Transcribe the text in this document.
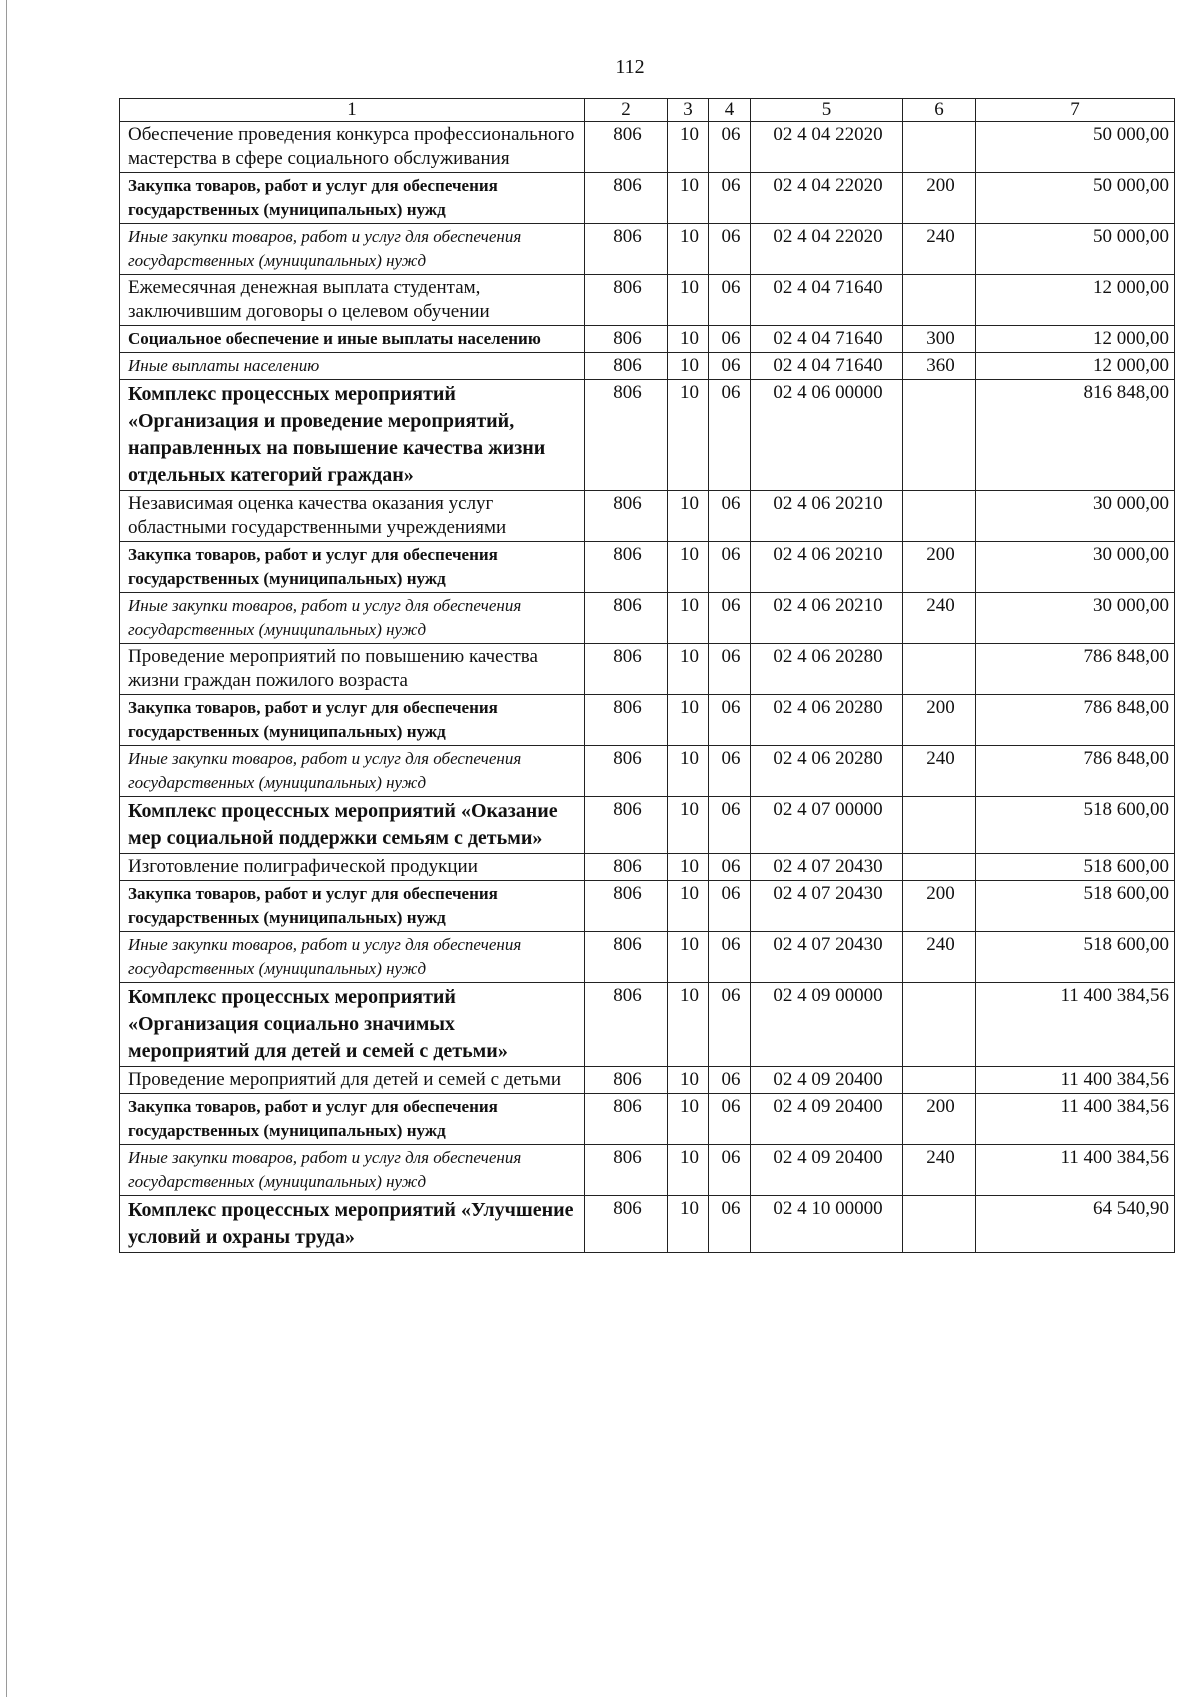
112
1	2	3	4	5	6	7
Обеспечение проведения конкурса профессионального мастерства в сфере социального обслуживания	806	10	06	02 4 04 22020		50 000,00
Закупка товаров, работ и услуг для обеспечения государственных (муниципальных) нужд	806	10	06	02 4 04 22020	200	50 000,00
Иные закупки товаров, работ и услуг для обеспечения государственных (муниципальных) нужд	806	10	06	02 4 04 22020	240	50 000,00
Ежемесячная денежная выплата студентам, заключившим договоры о целевом обучении	806	10	06	02 4 04 71640		12 000,00
Социальное обеспечение и иные выплаты населению	806	10	06	02 4 04 71640	300	12 000,00
Иные выплаты населению	806	10	06	02 4 04 71640	360	12 000,00
Комплекс процессных мероприятий «Организация и проведение мероприятий, направленных на повышение качества жизни отдельных категорий граждан»	806	10	06	02 4 06 00000		816 848,00
Независимая оценка качества оказания услуг областными государственными учреждениями	806	10	06	02 4 06 20210		30 000,00
Закупка товаров, работ и услуг для обеспечения государственных (муниципальных) нужд	806	10	06	02 4 06 20210	200	30 000,00
Иные закупки товаров, работ и услуг для обеспечения государственных (муниципальных) нужд	806	10	06	02 4 06 20210	240	30 000,00
Проведение мероприятий по повышению качества жизни граждан пожилого возраста	806	10	06	02 4 06 20280		786 848,00
Закупка товаров, работ и услуг для обеспечения государственных (муниципальных) нужд	806	10	06	02 4 06 20280	200	786 848,00
Иные закупки товаров, работ и услуг для обеспечения государственных (муниципальных) нужд	806	10	06	02 4 06 20280	240	786 848,00
Комплекс процессных мероприятий «Оказание мер социальной поддержки семьям с детьми»	806	10	06	02 4 07 00000		518 600,00
Изготовление полиграфической продукции	806	10	06	02 4 07 20430		518 600,00
Закупка товаров, работ и услуг для обеспечения государственных (муниципальных) нужд	806	10	06	02 4 07 20430	200	518 600,00
Иные закупки товаров, работ и услуг для обеспечения государственных (муниципальных) нужд	806	10	06	02 4 07 20430	240	518 600,00
Комплекс процессных мероприятий «Организация социально значимых мероприятий для детей и семей с детьми»	806	10	06	02 4 09 00000		11 400 384,56
Проведение мероприятий для детей и семей с детьми	806	10	06	02 4 09 20400		11 400 384,56
Закупка товаров, работ и услуг для обеспечения государственных (муниципальных) нужд	806	10	06	02 4 09 20400	200	11 400 384,56
Иные закупки товаров, работ и услуг для обеспечения государственных (муниципальных) нужд	806	10	06	02 4 09 20400	240	11 400 384,56
Комплекс процессных мероприятий «Улучшение условий и охраны труда»	806	10	06	02 4 10 00000		64 540,90
